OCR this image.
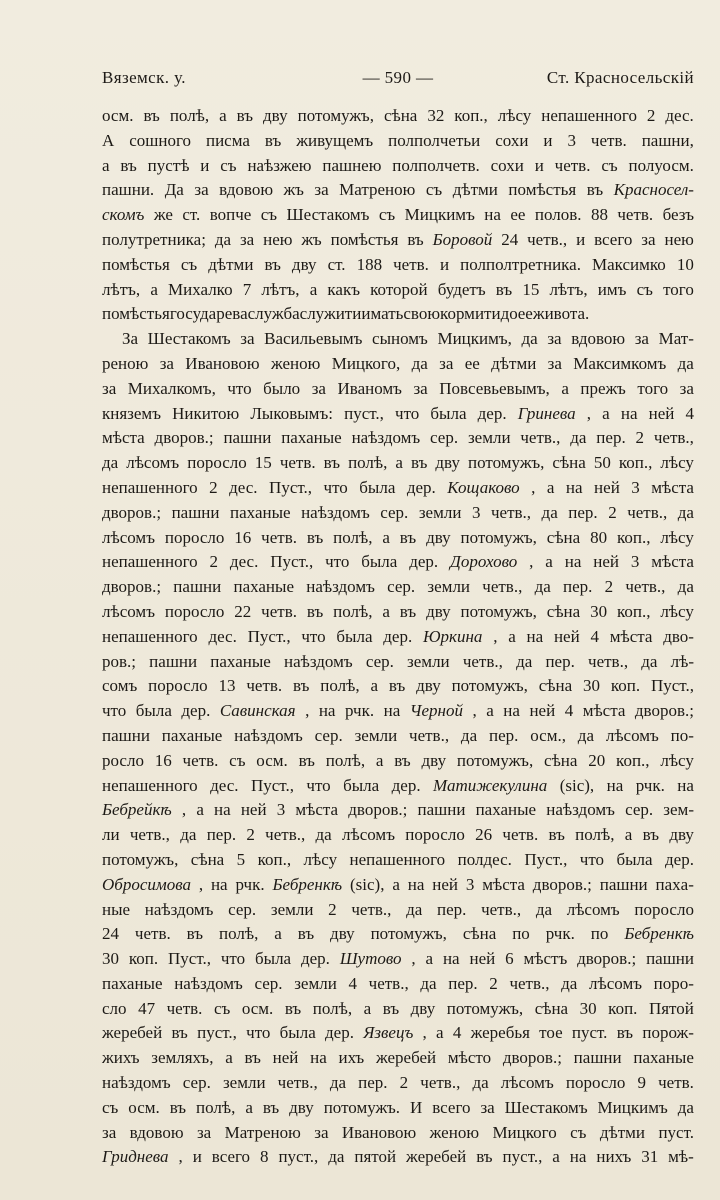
Вяземск. у.	— 590 —	Ст. Красносельскій
осм. въ полѣ, а въ дву потомужъ, сѣна 32 коп., лѣсу непашенного 2 дес.
А сошного писма въ живущемъ полполчетьи сохи и 3 четв. пашни,
а въ пустѣ и съ наѣзжею пашнею полполчетв. сохи и четв. съ полуосм.
пашни. Да за вдовою жъ за Матреною съ дѣтми помѣстья въ Красносел-
скомъ же ст. вопче съ Шестакомъ съ Мицкимъ на ее полов. 88 четв. безъ
полутретника; да за нею жъ помѣстья въ Боровой 24 четв., и всего за нею
помѣстья съ дѣтми въ дву ст. 188 четв. и полполтретника. Максимко 10
лѣтъ, а Михалко 7 лѣтъ, а какъ которой будетъ въ 15 лѣтъ, имъ съ того
помѣстья государева служба служити и мать свою кормити до ее живота.
За Шестакомъ за Васильевымъ сыномъ Мицкимъ, да за вдовою за Мат-
реною за Ивановою женою Мицкого, да за ее дѣтми за Максимкомъ да
за Михалкомъ, что было за Иваномъ за Повсевьевымъ, а прежъ того за
княземъ Никитою Лыковымъ: пуст., что была дер. Гринева , а на ней 4
мѣста дворов.; пашни паханые наѣздомъ сер. земли четв., да пер. 2 четв.,
да лѣсомъ поросло 15 четв. въ полѣ, а въ дву потомужъ, сѣна 50 коп., лѣсу
непашенного 2 дес. Пуст., что была дер. Кощаково , а на ней 3 мѣста
дворов.; пашни паханые наѣздомъ сер. земли 3 четв., да пер. 2 четв., да
лѣсомъ поросло 16 четв. въ полѣ, а въ дву потомужъ, сѣна 80 коп., лѣсу
непашенного 2 дес. Пуст., что была дер. Дорохово , а на ней 3 мѣста
дворов.; пашни паханые наѣздомъ сер. земли четв., да пер. 2 четв., да
лѣсомъ поросло 22 четв. въ полѣ, а въ дву потомужъ, сѣна 30 коп., лѣсу
непашенного дес. Пуст., что была дер. Юркина , а на ней 4 мѣста дво-
ров.; пашни паханые наѣздомъ сер. земли четв., да пер. четв., да лѣ-
сомъ поросло 13 четв. въ полѣ, а въ дву потомужъ, сѣна 30 коп. Пуст.,
что была дер. Савинская , на рчк. на Черной , а на ней 4 мѣста дворов.;
пашни паханые наѣздомъ сер. земли четв., да пер. осм., да лѣсомъ по-
росло 16 четв. съ осм. въ полѣ, а въ дву потомужъ, сѣна 20 коп., лѣсу
непашенного дес. Пуст., что была дер. Матижекулина (sic), на рчк. на
Бебрейкѣ , а на ней 3 мѣста дворов.; пашни паханые наѣздомъ сер. зем-
ли четв., да пер. 2 четв., да лѣсомъ поросло 26 четв. въ полѣ, а въ дву
потомужъ, сѣна 5 коп., лѣсу непашенного полдес. Пуст., что была дер.
Обросимова , на рчк. Бебренкѣ (sic), а на ней 3 мѣста дворов.; пашни пахa-
ные наѣздомъ сер. земли 2 четв., да пер. четв., да лѣсомъ поросло
24 четв. въ полѣ, а въ дву потомужъ, сѣна по рчк. по Бебренкѣ
30 коп. Пуст., что была дер. Шутово , а на ней 6 мѣстъ дворов.; пашни
паханые наѣздомъ сер. земли 4 четв., да пер. 2 четв., да лѣсомъ поро-
сло 47 четв. съ осм. въ полѣ, а въ дву потомужъ, сѣна 30 коп. Пятой
жеребей въ пуст., что была дер. Язвецъ , а 4 жеребья тое пуст. въ порож-
жихъ земляхъ, а въ ней на ихъ жеребей мѣсто дворов.; пашни паханые
наѣздомъ сер. земли четв., да пер. 2 четв., да лѣсомъ поросло 9 четв.
съ осм. въ полѣ, а въ дву потомужъ. И всего за Шестакомъ Мицкимъ да
за вдовою за Матреною за Ивановою женою Мицкого съ дѣтми пуст.
Гриднева , и всего 8 пуст., да пятой жеребей въ пуст., а на нихъ 31 мѣ-
